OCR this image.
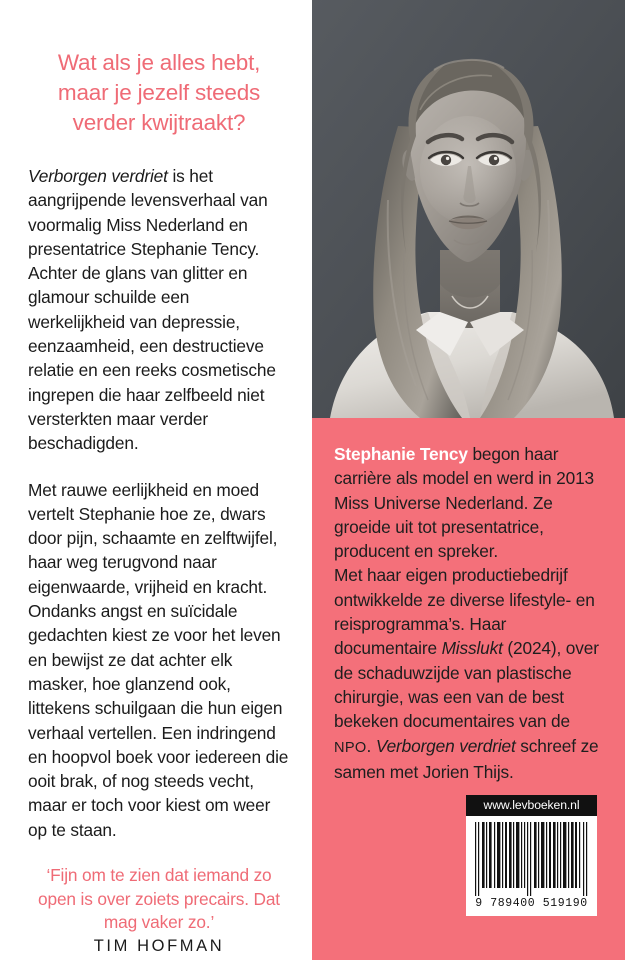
Wat als je alles hebt, maar je jezelf steeds verder kwijtraakt?

Verborgen verdriet is het aangrijpende levensverhaal van voormalig Miss Nederland en presentatrice Stephanie Tency. Achter de glans van glitter en glamour schuilde een werkelijkheid van depressie, eenzaamheid, een destructieve relatie en een reeks cosmetische ingrepen die haar zelfbeeld niet versterkten maar verder beschadigden.

Met rauwe eerlijkheid en moed vertelt Stephanie hoe ze, dwars door pijn, schaamte en zelftwijfel, haar weg terugvond naar eigenwaarde, vrijheid en kracht. Ondanks angst en suïcidale gedachten kiest ze voor het leven en bewijst ze dat achter elk masker, hoe glanzend ook, littekens schuilgaan die hun eigen verhaal vertellen. Een indringend en hoopvol boek voor iedereen die ooit brak, of nog steeds vecht, maar er toch voor kiest om weer op te staan.

‘Fijn om te zien dat iemand zo open is over zoiets precairs. Dat mag vaker zo.’

TIM HOFMAN

Stephanie Tency begon haar carrière als model en werd in 2013 Miss Universe Nederland. Ze groeide uit tot presentatrice, producent en spreker.
Met haar eigen productiebedrijf ontwikkelde ze diverse lifestyle- en reisprogramma’s. Haar documentaire Misslukt (2024), over de schaduwzijde van plastische chirurgie, was een van de best bekeken documentaires van de NPO. Verborgen verdriet schreef ze samen met Jorien Thijs.

www.levboeken.nl
9 789400 519190
